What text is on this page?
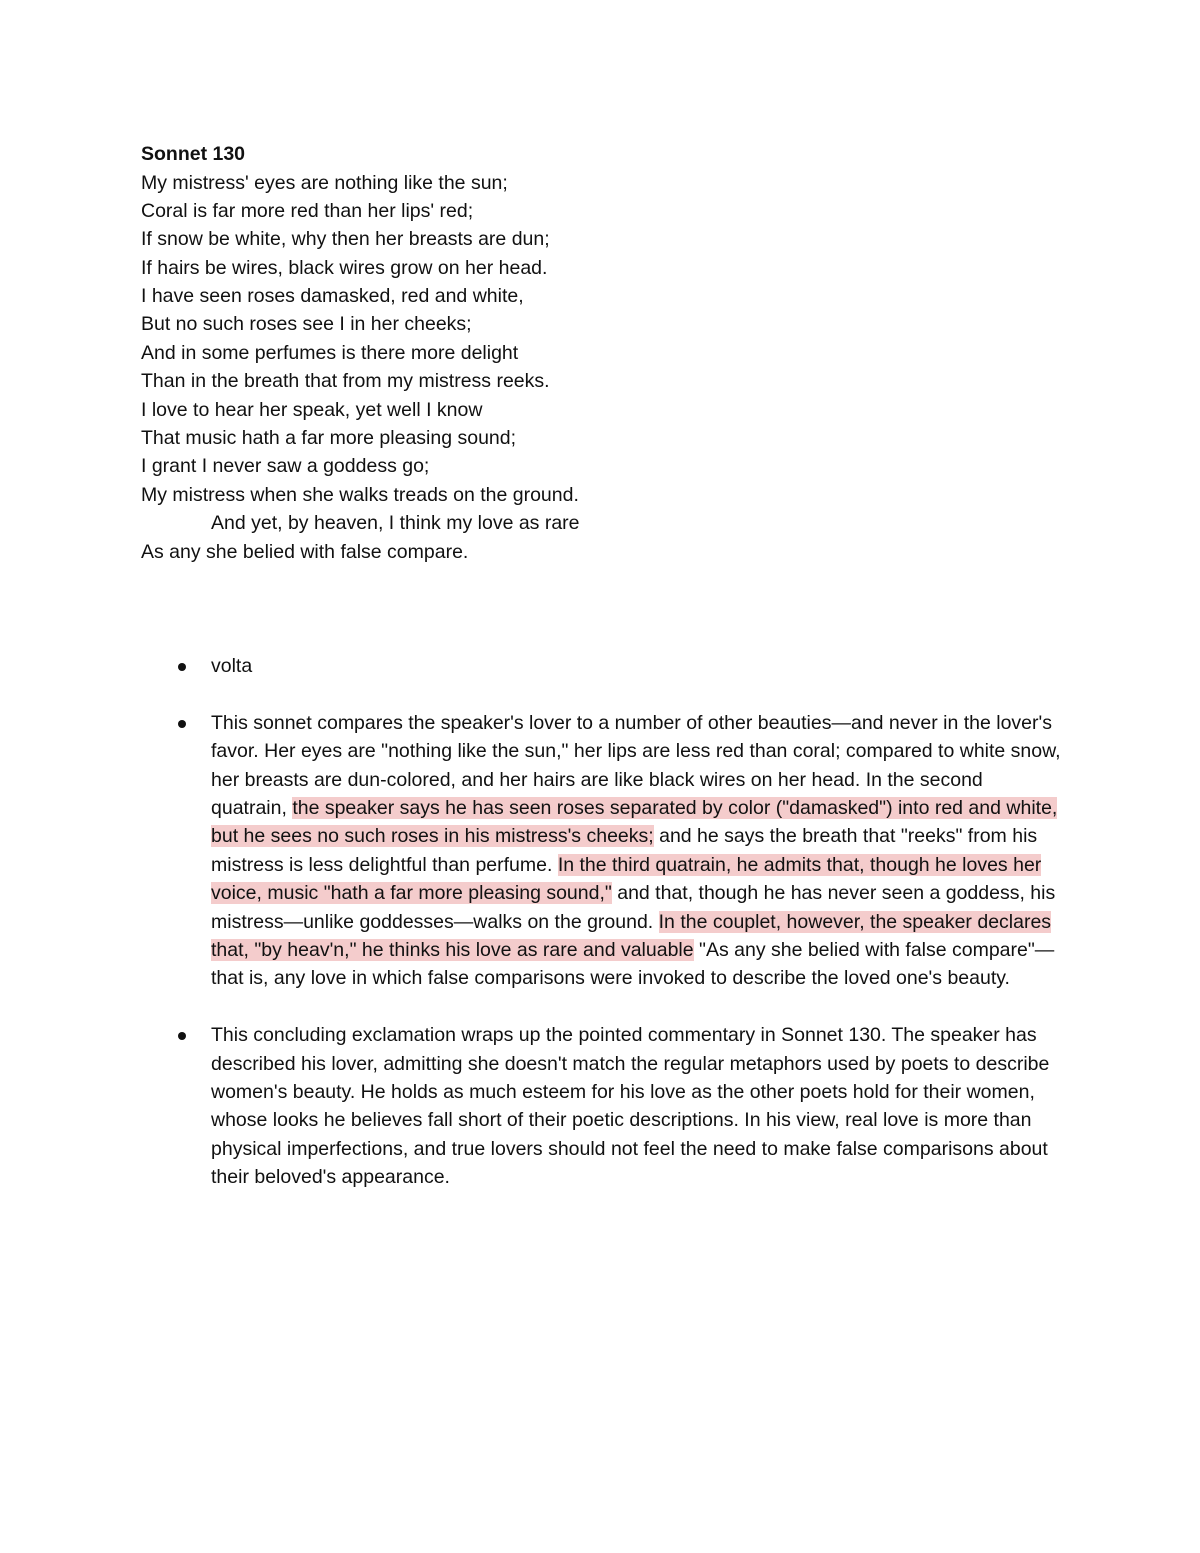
Sonnet 130
My mistress' eyes are nothing like the sun;
Coral is far more red than her lips' red;
If snow be white, why then her breasts are dun;
If hairs be wires, black wires grow on her head.
I have seen roses damasked, red and white,
But no such roses see I in her cheeks;
And in some perfumes is there more delight
Than in the breath that from my mistress reeks.
I love to hear her speak, yet well I know
That music hath a far more pleasing sound;
I grant I never saw a goddess go;
My mistress when she walks treads on the ground.
And yet, by heaven, I think my love as rare
As any she belied with false compare.
volta
This sonnet compares the speaker's lover to a number of other beauties—and never in the lover's favor. Her eyes are "nothing like the sun," her lips are less red than coral; compared to white snow, her breasts are dun-colored, and her hairs are like black wires on her head. In the second quatrain, the speaker says he has seen roses separated by color ("damasked") into red and white, but he sees no such roses in his mistress's cheeks; and he says the breath that "reeks" from his mistress is less delightful than perfume. In the third quatrain, he admits that, though he loves her voice, music "hath a far more pleasing sound," and that, though he has never seen a goddess, his mistress—unlike goddesses—walks on the ground. In the couplet, however, the speaker declares that, "by heav'n," he thinks his love as rare and valuable "As any she belied with false compare"—that is, any love in which false comparisons were invoked to describe the loved one's beauty.
This concluding exclamation wraps up the pointed commentary in Sonnet 130. The speaker has described his lover, admitting she doesn't match the regular metaphors used by poets to describe women's beauty. He holds as much esteem for his love as the other poets hold for their women, whose looks he believes fall short of their poetic descriptions. In his view, real love is more than physical imperfections, and true lovers should not feel the need to make false comparisons about their beloved's appearance.
